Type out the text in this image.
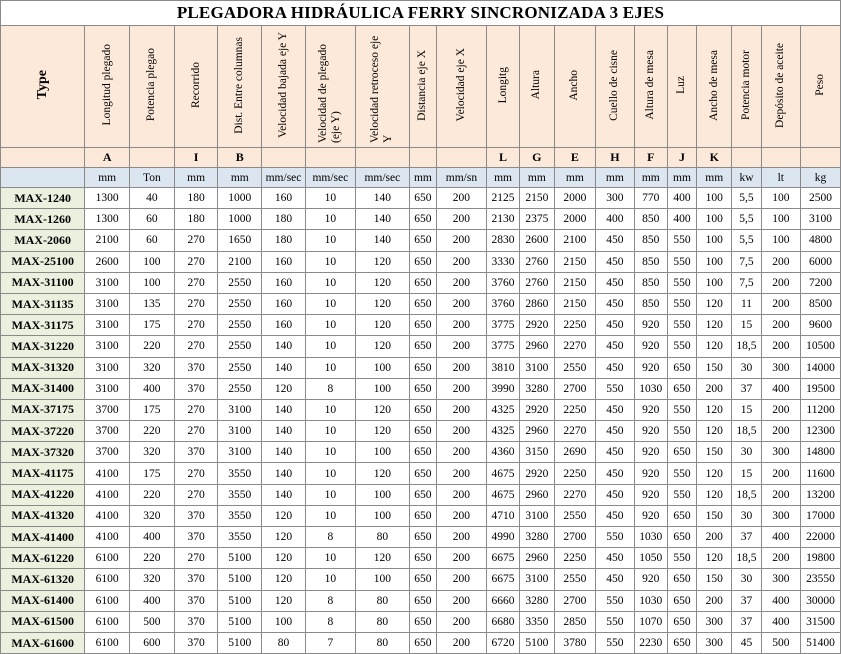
PLEGADORA HIDRÁULICA FERRY SINCRONIZADA 3 EJES																			
Type	Longitud plegado	Potencia plegao	Recorrido	Dist. Entre columnas	Velocidad bajada eje Y	Velocidad de plegado (eje Y)	Velocidad retroceso eje Y	Distancia eje X	Velocidad eje X	Longitg	Altura	Ancho	Cuello de cisne	Altura de mesa	Luz	Ancho de mesa	Potencia motor	Depósito de aceite	Peso
	A		I	B						L	G	E	H	F	J	K			
	mm	Ton	mm	mm	mm/sec	mm/sec	mm/sec	mm	mm/sn	mm	mm	mm	mm	mm	mm	mm	kw	lt	kg
MAX-1240	1300	40	180	1000	160	10	140	650	200	2125	2150	2000	300	770	400	100	5,5	100	2500
MAX-1260	1300	60	180	1000	180	10	140	650	200	2130	2375	2000	400	850	400	100	5,5	100	3100
MAX-2060	2100	60	270	1650	180	10	140	650	200	2830	2600	2100	450	850	550	100	5,5	100	4800
MAX-25100	2600	100	270	2100	160	10	120	650	200	3330	2760	2150	450	850	550	100	7,5	200	6000
MAX-31100	3100	100	270	2550	160	10	120	650	200	3760	2760	2150	450	850	550	100	7,5	200	7200
MAX-31135	3100	135	270	2550	160	10	120	650	200	3760	2860	2150	450	850	550	120	11	200	8500
MAX-31175	3100	175	270	2550	160	10	120	650	200	3775	2920	2250	450	920	550	120	15	200	9600
MAX-31220	3100	220	270	2550	140	10	120	650	200	3775	2960	2270	450	920	550	120	18,5	200	10500
MAX-31320	3100	320	370	2550	140	10	100	650	200	3810	3100	2550	450	920	650	150	30	300	14000
MAX-31400	3100	400	370	2550	120	8	100	650	200	3990	3280	2700	550	1030	650	200	37	400	19500
MAX-37175	3700	175	270	3100	140	10	120	650	200	4325	2920	2250	450	920	550	120	15	200	11200
MAX-37220	3700	220	270	3100	140	10	120	650	200	4325	2960	2270	450	920	550	120	18,5	200	12300
MAX-37320	3700	320	370	3100	140	10	100	650	200	4360	3150	2690	450	920	650	150	30	300	14800
MAX-41175	4100	175	270	3550	140	10	120	650	200	4675	2920	2250	450	920	550	120	15	200	11600
MAX-41220	4100	220	270	3550	140	10	100	650	200	4675	2960	2270	450	920	550	120	18,5	200	13200
MAX-41320	4100	320	370	3550	120	10	100	650	200	4710	3100	2550	450	920	650	150	30	300	17000
MAX-41400	4100	400	370	3550	120	8	80	650	200	4990	3280	2700	550	1030	650	200	37	400	22000
MAX-61220	6100	220	270	5100	120	10	120	650	200	6675	2960	2250	450	1050	550	120	18,5	200	19800
MAX-61320	6100	320	370	5100	120	10	100	650	200	6675	3100	2550	450	920	650	150	30	300	23550
MAX-61400	6100	400	370	5100	120	8	80	650	200	6660	3280	2700	550	1030	650	200	37	400	30000
MAX-61500	6100	500	370	5100	100	8	80	650	200	6680	3350	2850	550	1070	650	300	37	400	31500
MAX-61600	6100	600	370	5100	80	7	80	650	200	6720	5100	3780	550	2230	650	300	45	500	51400
